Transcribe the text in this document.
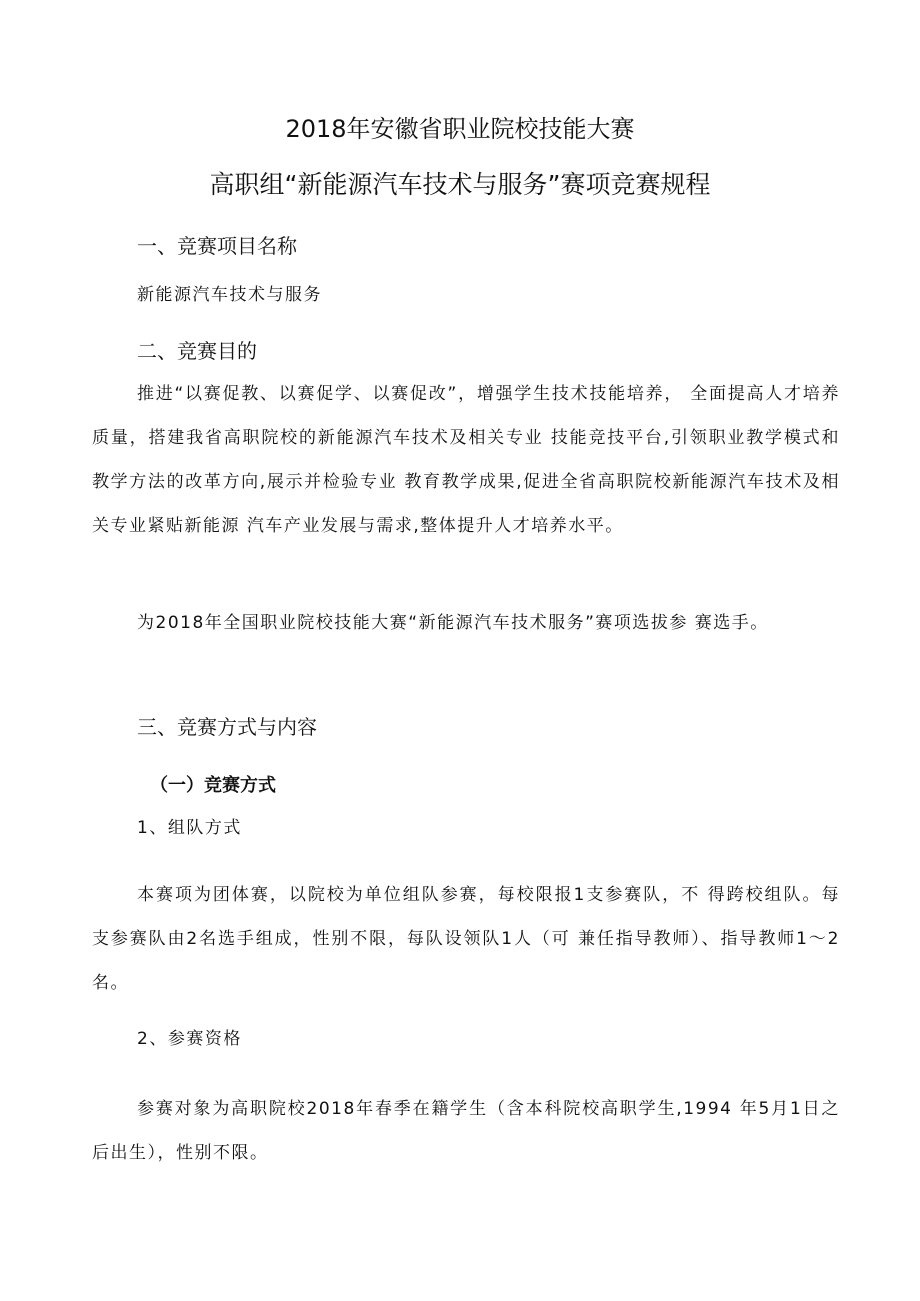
2018年安徽省职业院校技能大赛
高职组“新能源汽车技术与服务”赛项竞赛规程
一、竞赛项目名称
新能源汽车技术与服务
二、竞赛目的
推进“以赛促教、以赛促学、以赛促改”，增强学生技术技能培养， 全面提高人才培养质量，搭建我省高职院校的新能源汽车技术及相关专业 技能竞技平台,引领职业教学模式和教学方法的改革方向,展示并检验专业 教育教学成果,促进全省高职院校新能源汽车技术及相关专业紧贴新能源 汽车产业发展与需求,整体提升人才培养水平。
为2018年全国职业院校技能大赛“新能源汽车技术服务”赛项选拔参 赛选手。
三、竞赛方式与内容
（一）竞赛方式
1、组队方式
本赛项为团体赛，以院校为单位组队参赛，每校限报1支参赛队，不 得跨校组队。每支参赛队由2名选手组成，性别不限，每队设领队1人（可 兼任指导教师）、指导教师1～2名。
2、参赛资格
参赛对象为高职院校2018年春季在籍学生（含本科院校高职学生,1994 年5月1日之后出生），性别不限。
